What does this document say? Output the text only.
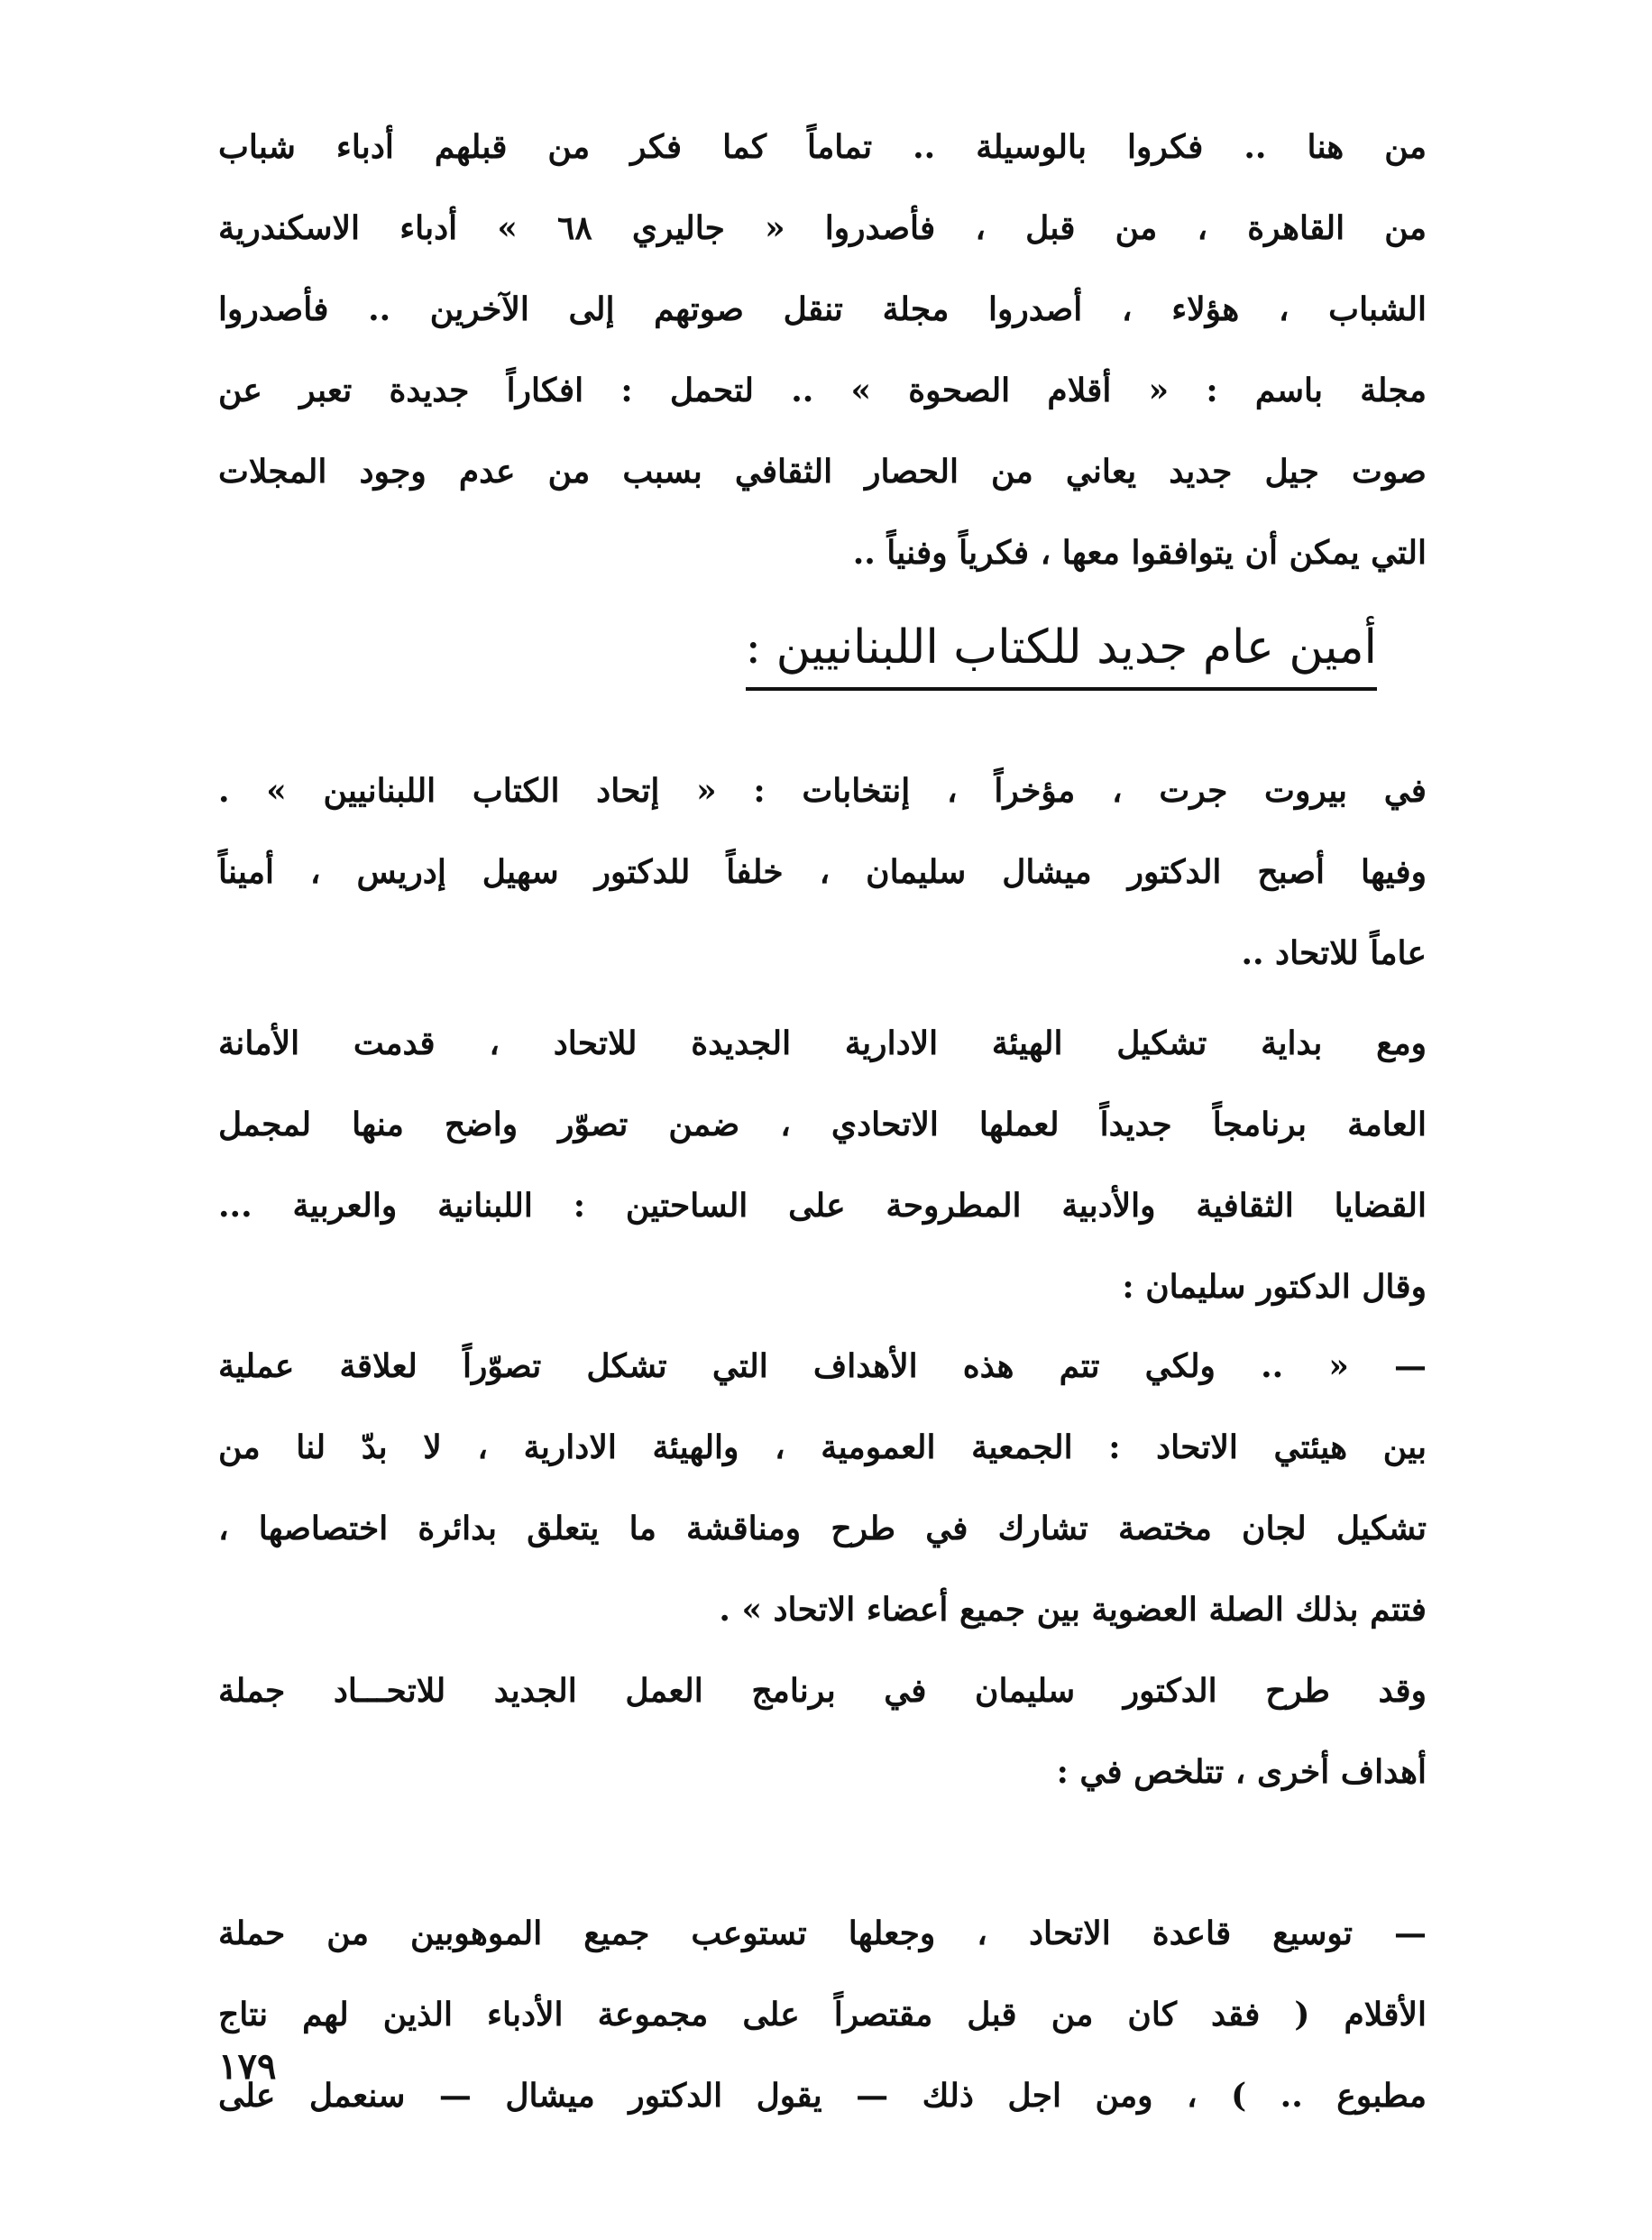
من هنا .. فكروا بالوسيلة .. تماماً كما فكر من قبلهم أدباء شباب
من القاهرة ، من قبل ، فأصدروا « جاليري ٦٨ » أدباء الاسكندرية
الشباب ، هؤلاء ، أصدروا مجلة تنقل صوتهم إلى الآخرين .. فأصدروا
مجلة باسم : « أقلام الصحوة » .. لتحمل : افكاراً جديدة تعبر عن
صوت جيل جديد يعاني من الحصار الثقافي بسبب من عدم وجود المجلات
التي يمكن أن يتوافقوا معها ، فكرياً وفنياً ..

أمين عام جديد للكتاب اللبنانيين :

في بيروت جرت ، مؤخراً ، إنتخابات : « إتحاد الكتاب اللبنانيين » .
وفيها أصبح الدكتور ميشال سليمان ، خلفاً للدكتور سهيل إدريس ، أميناً
عاماً للاتحاد ..

ومع بداية تشكيل الهيئة الادارية الجديدة للاتحاد ، قدمت الأمانة
العامة برنامجاً جديداً لعملها الاتحادي ، ضمن تصوّر واضح منها لمجمل
القضايا الثقافية والأدبية المطروحة على الساحتين : اللبنانية والعربية ...
وقال الدكتور سليمان :

— « .. ولكي تتم هذه الأهداف التي تشكل تصوّراً لعلاقة عملية
بين هيئتي الاتحاد : الجمعية العمومية ، والهيئة الادارية ، لا بدّ لنا من
تشكيل لجان مختصة تشارك في طرح ومناقشة ما يتعلق بدائرة اختصاصها ،
فتتم بذلك الصلة العضوية بين جميع أعضاء الاتحاد » .

وقد طرح الدكتور سليمان في برنامج العمل الجديد للاتحـــاد جملة
أهداف أخرى ، تتلخص في :

— توسيع قاعدة الاتحاد ، وجعلها تستوعب جميع الموهوبين من حملة
الأقلام ( فقد كان من قبل مقتصراً على مجموعة الأدباء الذين لهم نتاج
مطبوع .. ) ، ومن اجل ذلك — يقول الدكتور ميشال — سنعمل على

١٧٩
